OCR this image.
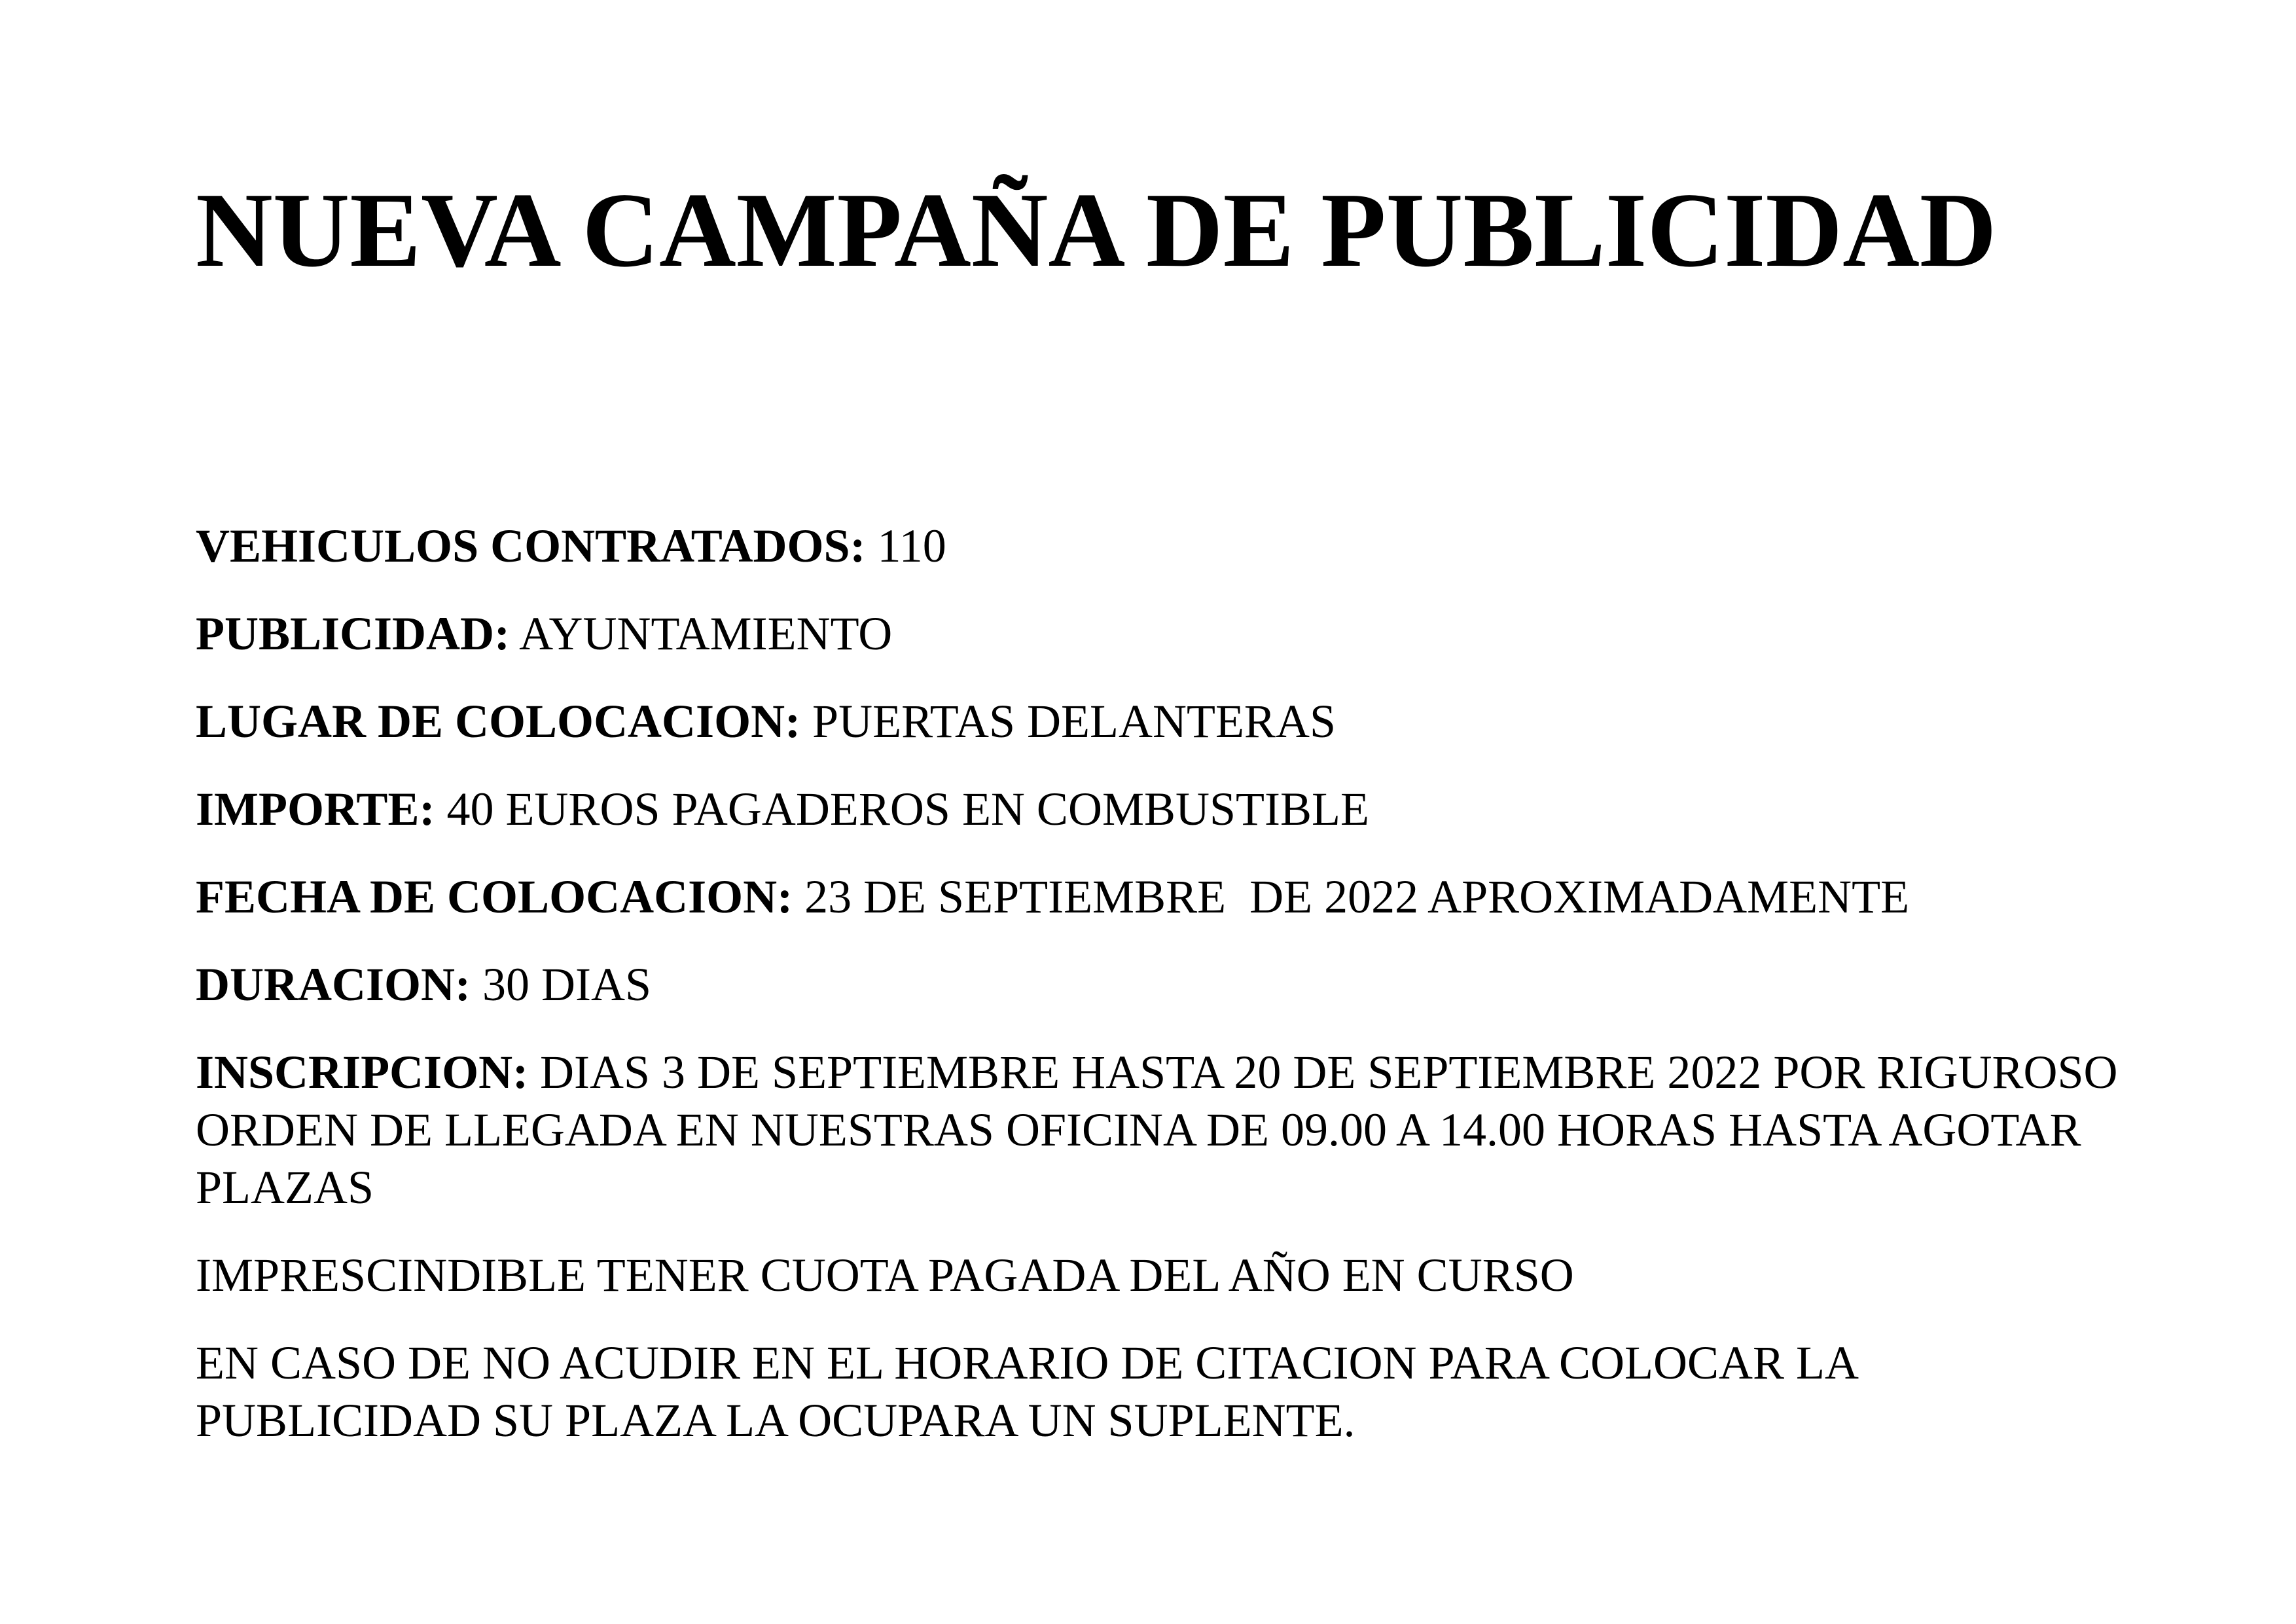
NUEVA CAMPAÑA DE PUBLICIDAD

VEHICULOS CONTRATADOS: 110

PUBLICIDAD: AYUNTAMIENTO

LUGAR DE COLOCACION: PUERTAS DELANTERAS

IMPORTE: 40 EUROS PAGADEROS EN COMBUSTIBLE

FECHA DE COLOCACION: 23 DE SEPTIEMBRE  DE 2022 APROXIMADAMENTE

DURACION: 30 DIAS

INSCRIPCION: DIAS 3 DE SEPTIEMBRE HASTA 20 DE SEPTIEMBRE 2022 POR RIGUROSO ORDEN DE LLEGADA EN NUESTRAS OFICINA DE 09.00 A 14.00 HORAS HASTA AGOTAR PLAZAS

IMPRESCINDIBLE TENER CUOTA PAGADA DEL AÑO EN CURSO

EN CASO DE NO ACUDIR EN EL HORARIO DE CITACION PARA COLOCAR LA PUBLICIDAD SU PLAZA LA OCUPARA UN SUPLENTE.
